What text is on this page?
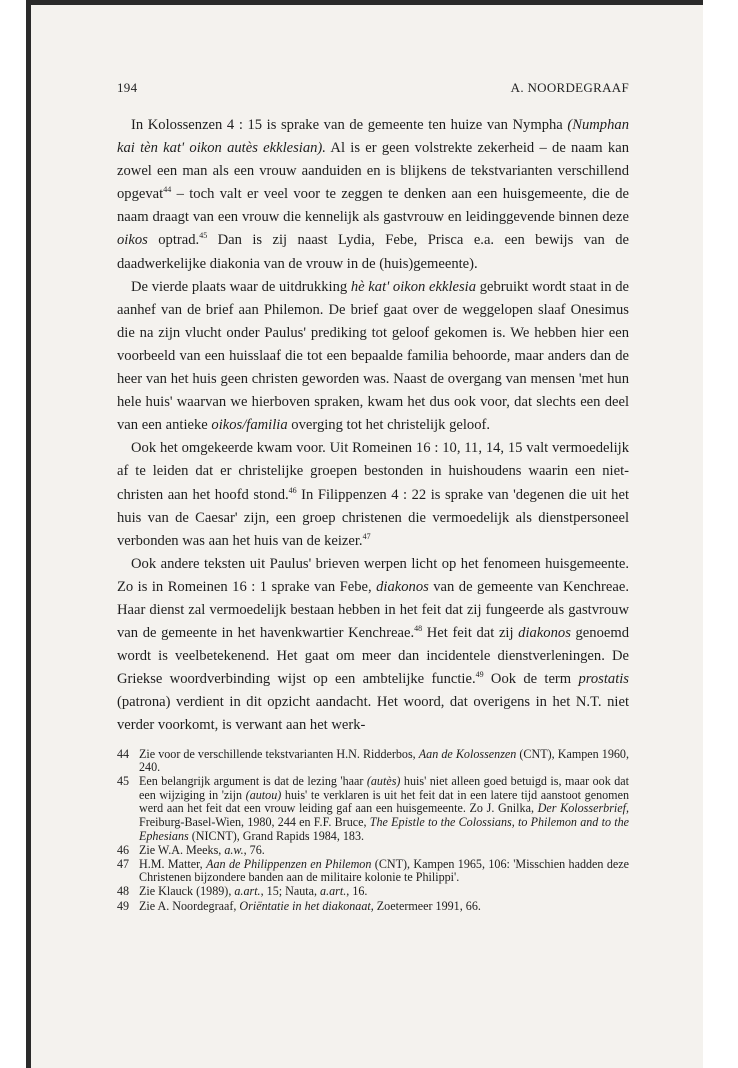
194	A. NOORDEGRAAF

In Kolossenzen 4 : 15 is sprake van de gemeente ten huize van Nympha (Numphan kai tèn kat' oikon autès ekklesian). Al is er geen volstrekte zekerheid – de naam kan zowel een man als een vrouw aanduiden en is blijkens de tekstvarianten verschillend opgevat$^{44}$ – toch valt er veel voor te zeggen te denken aan een huisgemeente, die de naam draagt van een vrouw die kennelijk als gastvrouw en leidinggevende binnen deze oikos optrad.$^{45}$ Dan is zij naast Lydia, Febe, Prisca e.a. een bewijs van de daadwerkelijke diakonia van de vrouw in de (huis)gemeente).

De vierde plaats waar de uitdrukking hè kat' oikon ekklesia gebruikt wordt staat in de aanhef van de brief aan Philemon. De brief gaat over de weggelopen slaaf Onesimus die na zijn vlucht onder Paulus' prediking tot geloof gekomen is. We hebben hier een voorbeeld van een huisslaaf die tot een bepaalde familia behoorde, maar anders dan de heer van het huis geen christen geworden was. Naast de overgang van mensen 'met hun hele huis' waarvan we hierboven spraken, kwam het dus ook voor, dat slechts een deel van een antieke oikos/familia overging tot het christelijk geloof.

Ook het omgekeerde kwam voor. Uit Romeinen 16 : 10, 11, 14, 15 valt vermoedelijk af te leiden dat er christelijke groepen bestonden in huishoudens waarin een niet-christen aan het hoofd stond.$^{46}$ In Filippenzen 4 : 22 is sprake van 'degenen die uit het huis van de Caesar' zijn, een groep christenen die vermoedelijk als dienstpersoneel verbonden was aan het huis van de keizer.$^{47}$

Ook andere teksten uit Paulus' brieven werpen licht op het fenomeen huisgemeente. Zo is in Romeinen 16 : 1 sprake van Febe, diakonos van de gemeente van Kenchreae. Haar dienst zal vermoedelijk bestaan hebben in het feit dat zij fungeerde als gastvrouw van de gemeente in het havenkwartier Kenchreae.$^{48}$ Het feit dat zij diakonos genoemd wordt is veelbetekenend. Het gaat om meer dan incidentele dienstverleningen. De Griekse woordverbinding wijst op een ambtelijke functie.$^{49}$ Ook de term prostatis (patrona) verdient in dit opzicht aandacht. Het woord, dat overigens in het N.T. niet verder voorkomt, is verwant aan het werk-

44 Zie voor de verschillende tekstvarianten H.N. Ridderbos, Aan de Kolossenzen (CNT), Kampen 1960, 240.
45 Een belangrijk argument is dat de lezing 'haar (autès) huis' niet alleen goed betuigd is, maar ook dat een wijziging in 'zijn (autou) huis' te verklaren is uit het feit dat in een latere tijd aanstoot genomen werd aan het feit dat een vrouw leiding gaf aan een huisgemeente. Zo J. Gnilka, Der Kolosserbrief, Freiburg-Basel-Wien, 1980, 244 en F.F. Bruce, The Epistle to the Colossians, to Philemon and to the Ephesians (NICNT), Grand Rapids 1984, 183.
46 Zie W.A. Meeks, a.w., 76.
47 H.M. Matter, Aan de Philippenzen en Philemon (CNT), Kampen 1965, 106: 'Misschien hadden deze Christenen bijzondere banden aan de militaire kolonie te Philippi'.
48 Zie Klauck (1989), a.art., 15; Nauta, a.art., 16.
49 Zie A. Noordegraaf, Oriëntatie in het diakonaat, Zoetermeer 1991, 66.
